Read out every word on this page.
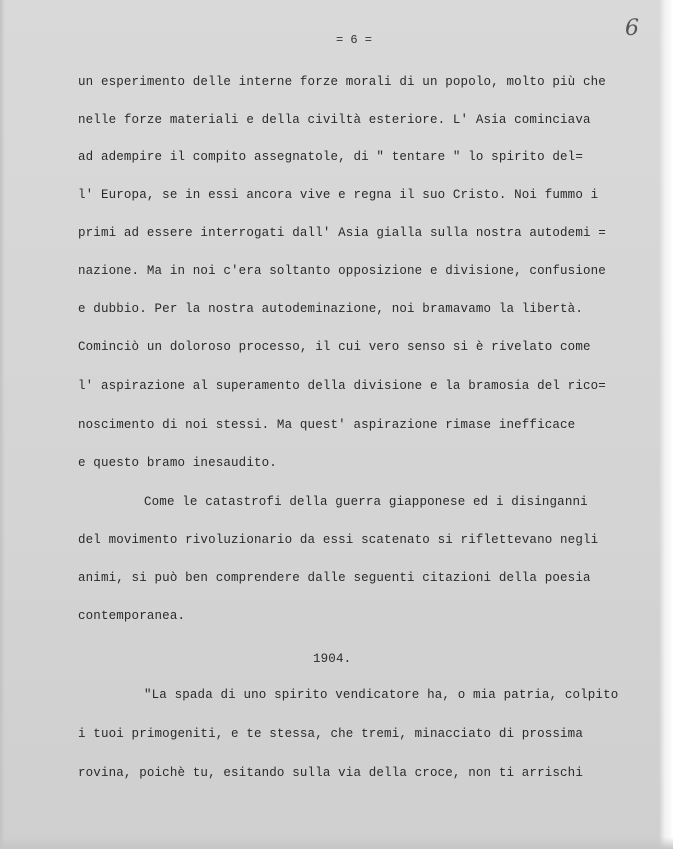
= 6 =	6
un esperimento delle interne forze morali di un popolo, molto più che
nelle forze materiali e della civiltà esteriore. L' Asia cominciava
ad adempire il compito assegnatole, di " tentare " lo spirito del=
l' Europa, se in essi ancora vive e regna il suo Cristo. Noi fummo i
primi ad essere interrogati dall' Asia gialla sulla nostra autodemi =
nazione. Ma in noi c'era soltanto opposizione e divisione, confusione
e dubbio. Per la nostra autodeminazione, noi bramavamo la libertà.
Cominciò un doloroso processo, il cui vero senso si è rivelato come
l' aspirazione al superamento della divisione e la bramosia del rico=
noscimento di noi stessi. Ma quest' aspirazione rimase inefficace
e questo bramo inesaudito.
Come le catastrofi della guerra giapponese ed i disinganni
del movimento rivoluzionario da essi scatenato si riflettevano negli
animi, si può ben comprendere dalle seguenti citazioni della poesia
contemporanea.
1904.
"La spada di uno spirito vendicatore ha, o mia patria, colpito
i tuoi primogeniti, e te stessa, che tremi, minacciato di prossima
rovina, poichè tu, esitando sulla via della croce, non ti arrischi
